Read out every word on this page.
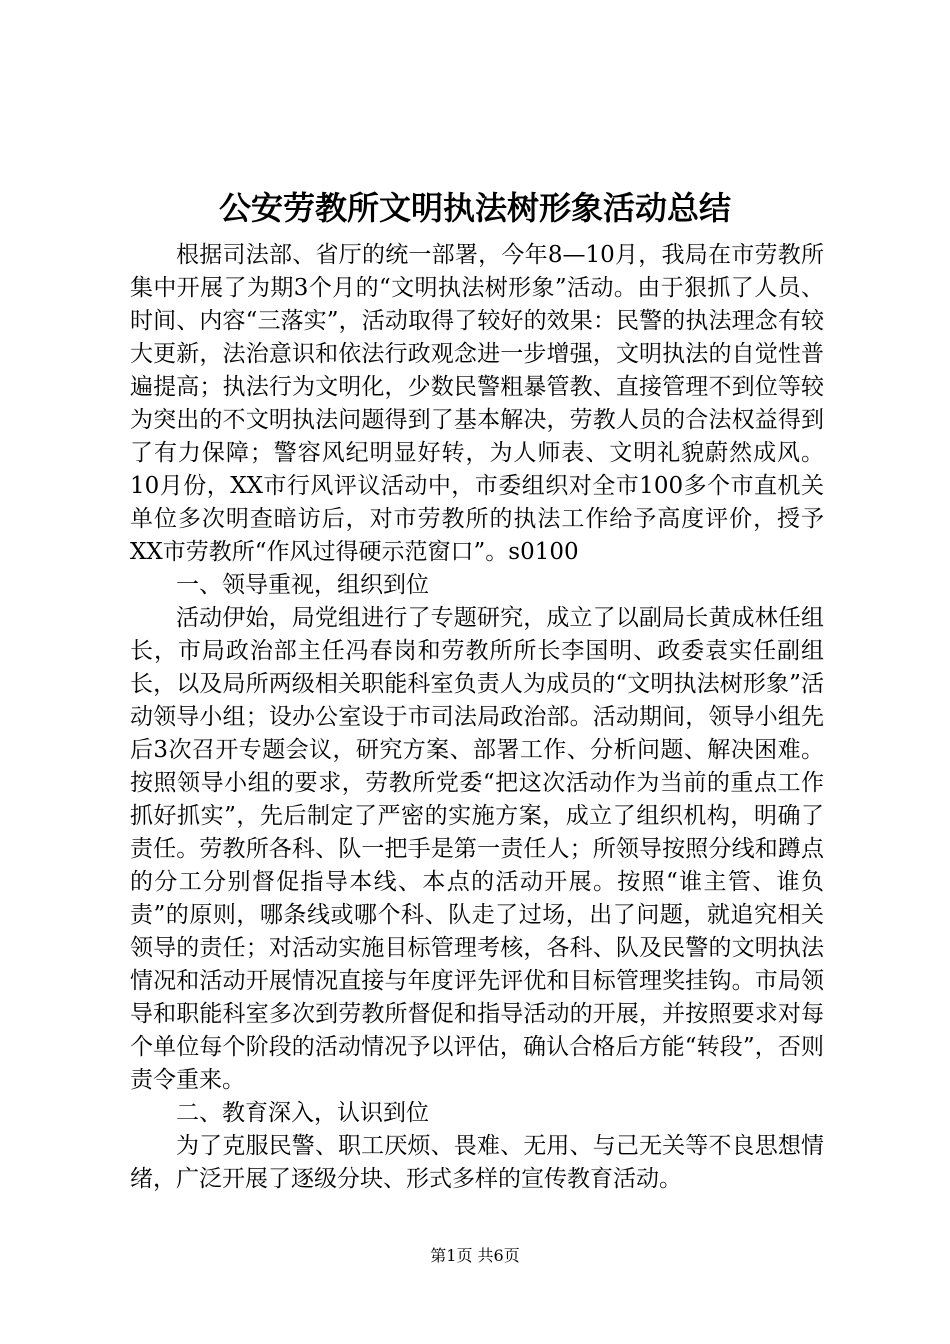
公安劳教所文明执法树形象活动总结

根据司法部、省厅的统一部署，今年8—10月，我局在市劳教所集中开展了为期3个月的“文明执法树形象”活动。由于狠抓了人员、时间、内容“三落实”，活动取得了较好的效果：民警的执法理念有较大更新，法治意识和依法行政观念进一步增强，文明执法的自觉性普遍提高；执法行为文明化，少数民警粗暴管教、直接管理不到位等较为突出的不文明执法问题得到了基本解决，劳教人员的合法权益得到了有力保障；警容风纪明显好转，为人师表、文明礼貌蔚然成风。10月份，XX市行风评议活动中，市委组织对全市100多个市直机关单位多次明查暗访后，对市劳教所的执法工作给予高度评价，授予XX市劳教所“作风过得硬示范窗口”。s0100

一、领导重视，组织到位

活动伊始，局党组进行了专题研究，成立了以副局长黄成林任组长，市局政治部主任冯春岗和劳教所所长李国明、政委袁实任副组长，以及局所两级相关职能科室负责人为成员的“文明执法树形象”活动领导小组；设办公室设于市司法局政治部。活动期间，领导小组先后3次召开专题会议，研究方案、部署工作、分析问题、解决困难。按照领导小组的要求，劳教所党委“把这次活动作为当前的重点工作抓好抓实”，先后制定了严密的实施方案，成立了组织机构，明确了责任。劳教所各科、队一把手是第一责任人；所领导按照分线和蹲点的分工分别督促指导本线、本点的活动开展。按照“谁主管、谁负责”的原则，哪条线或哪个科、队走了过场，出了问题，就追究相关领导的责任；对活动实施目标管理考核，各科、队及民警的文明执法情况和活动开展情况直接与年度评先评优和目标管理奖挂钩。市局领导和职能科室多次到劳教所督促和指导活动的开展，并按照要求对每个单位每个阶段的活动情况予以评估，确认合格后方能“转段”，否则责令重来。

二、教育深入，认识到位

为了克服民警、职工厌烦、畏难、无用、与己无关等不良思想情绪，广泛开展了逐级分块、形式多样的宣传教育活动。

第1页 共6页
